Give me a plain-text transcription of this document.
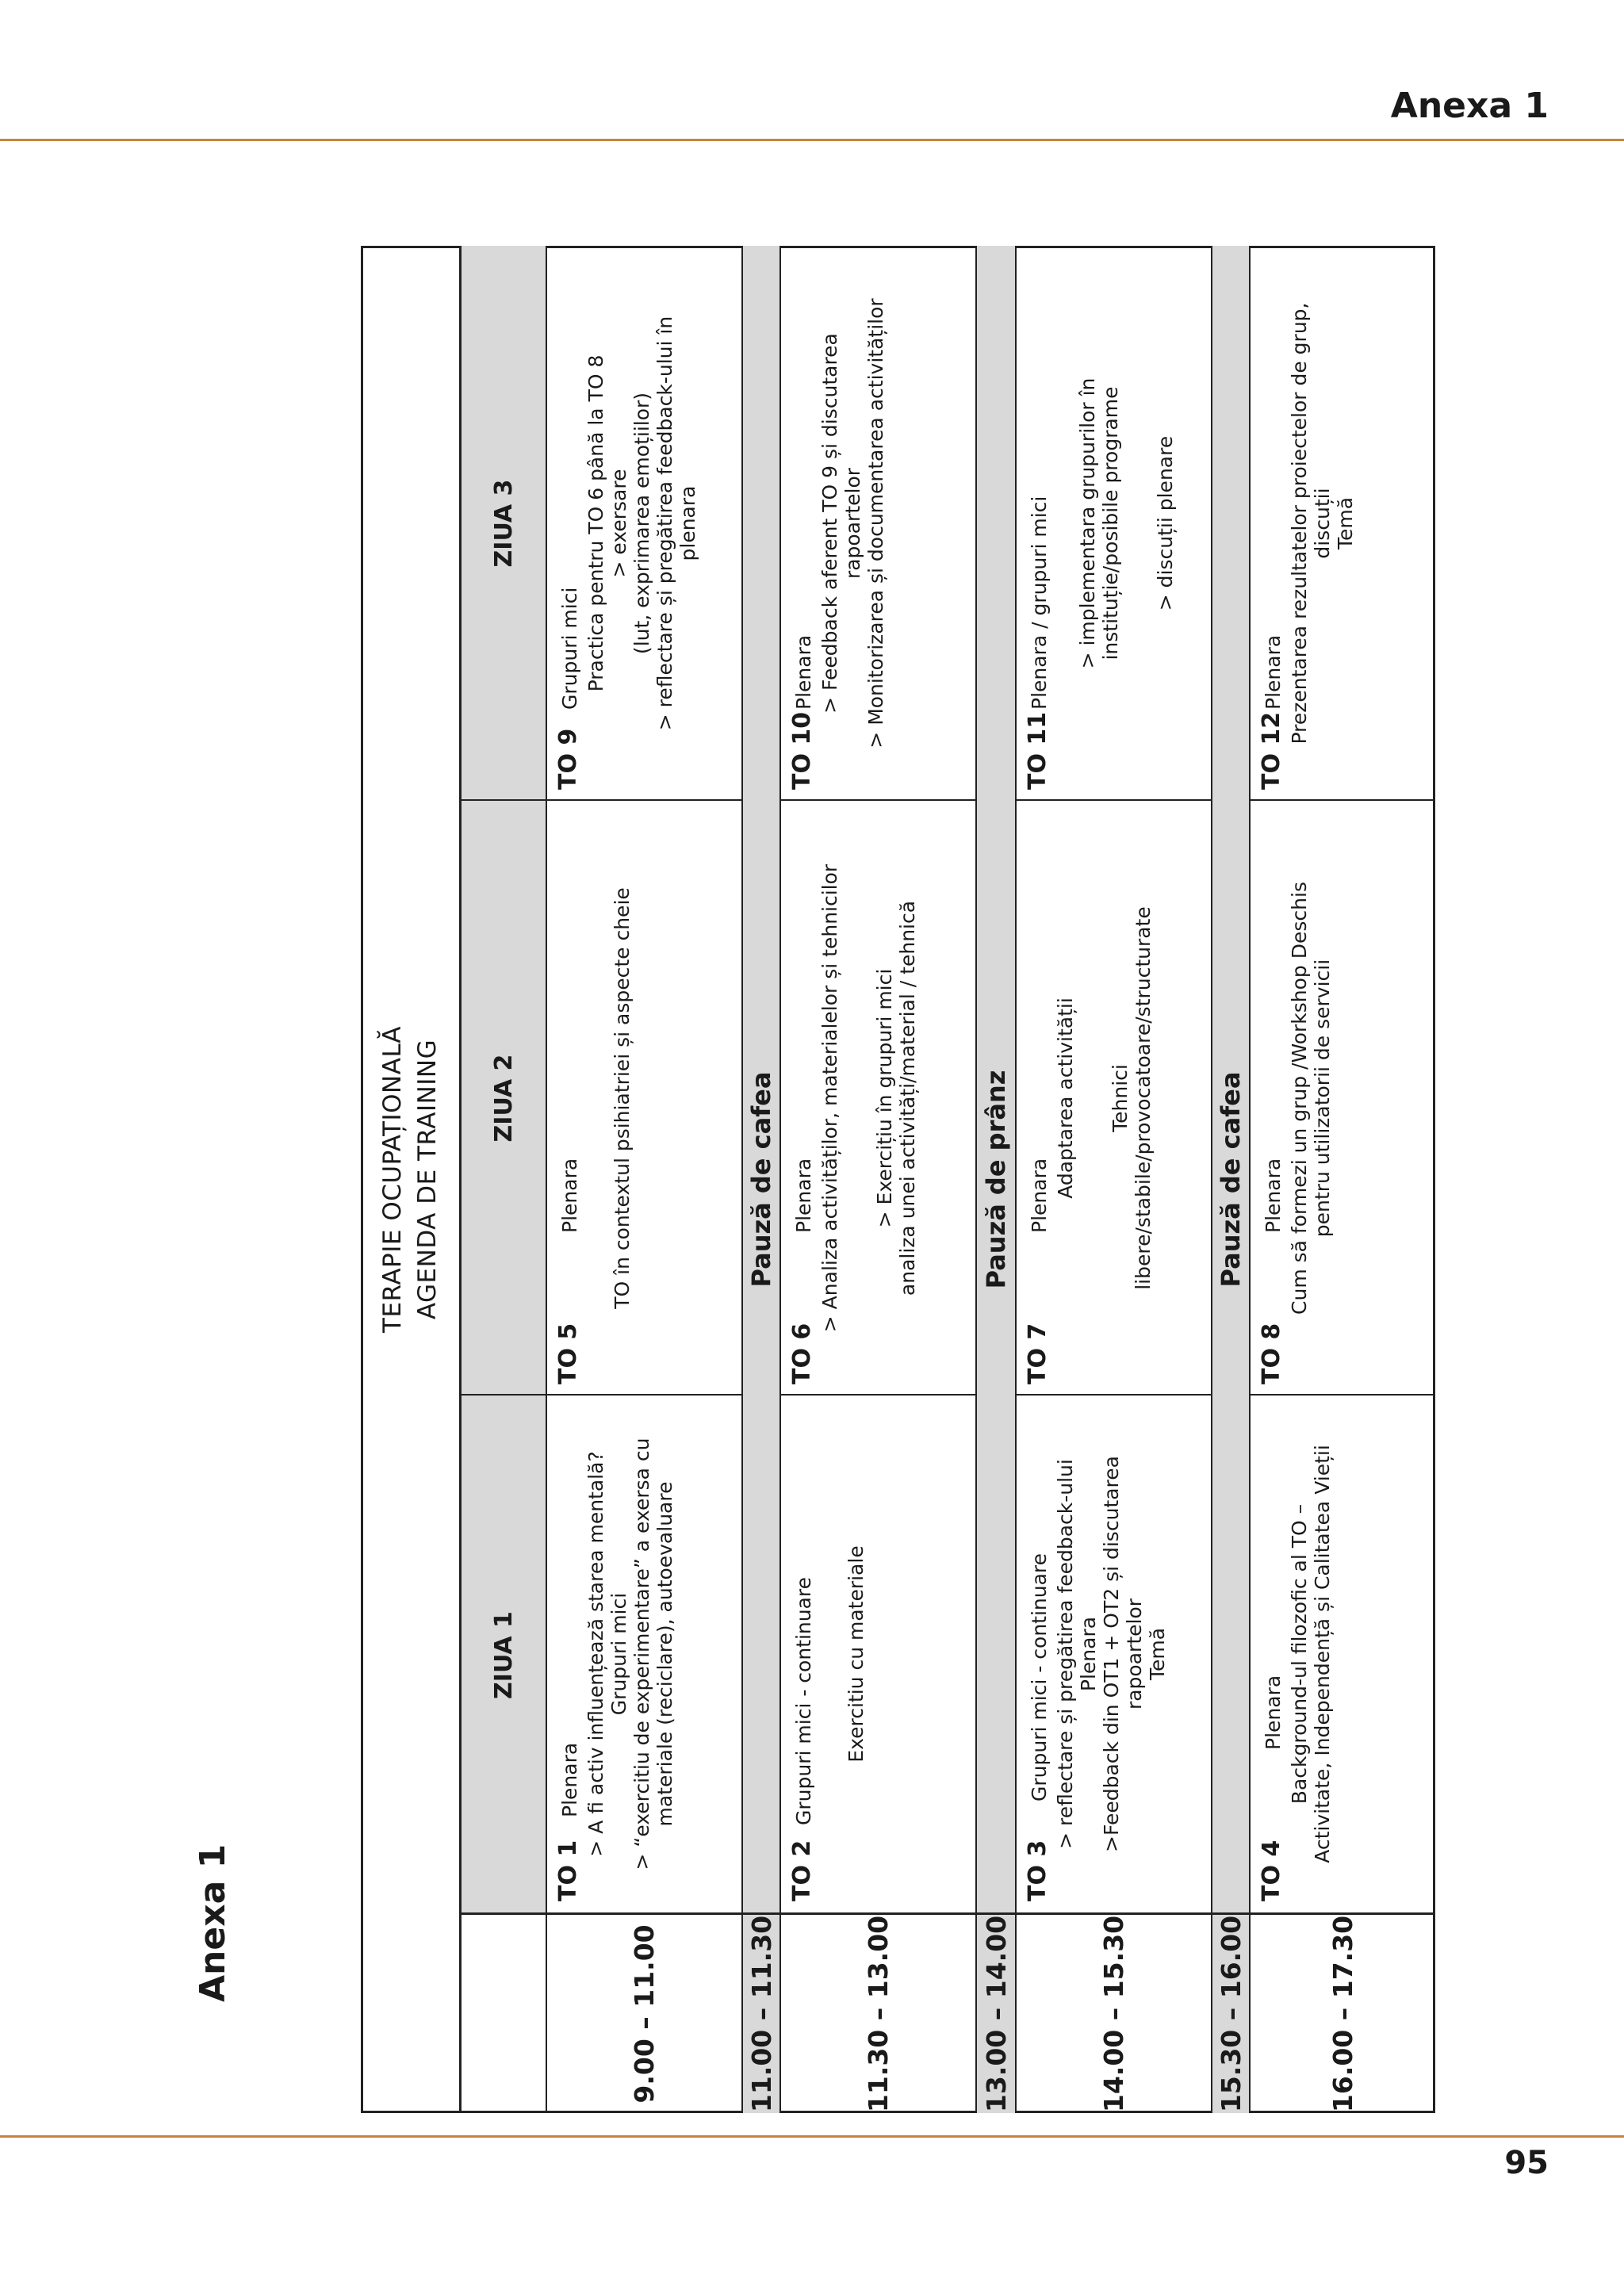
Anexa 1
Anexa 1
95
TERAPIE OCUPAȚIONALĂ AGENDA DE TRAINING
ZIUA 1
ZIUA 2
ZIUA 3
9.00 – 11.00
TO 1
Plenara > A fi activ influențează starea mentală? Grupuri mici > “exercitiu de experimentare” a exersa cu materiale (reciclare), autoevaluare
TO 5
Plenara TO în contextul psihiatriei și aspecte cheie
TO 9
Grupuri mici Practica pentru TO 6 până la TO 8 > exersare (lut, exprimarea emoțiilor) > reflectare și pregătirea feedback-ului în plenara
11.00 – 11.30
Pauză de cafea
11.30 – 13.00
TO 2
Grupuri mici - continuare Exercitiu cu materiale
TO 6
Plenara > Analiza activităților, materialelor și tehnicilor > Exercițiu în grupuri mici analiza unei activități/material / tehnică
TO 10
Plenara > Feedback aferent TO 9 și discutarea rapoartelor > Monitorizarea și documentarea activităților
13.00 – 14.00
Pauză de prânz
14.00 – 15.30
TO 3
Grupuri mici - continuare > reflectare și pregătirea feedback-ului Plenara >Feedback din OT1 + OT2 și discutarea rapoartelor Temă
TO 7
Plenara Adaptarea activității Tehnici libere/stabile/provocatoare/structurate
TO 11
Plenara / grupuri mici > implementara grupurilor în instituție/posibile programe > discuții plenare
15.30 – 16.00
Pauză de cafea
16.00 – 17.30
TO 4
Plenara Background-ul filozofic al TO – Activitate, Independență și Calitatea Vieții
TO 8
Plenara Cum să formezi un grup /Workshop Deschis pentru utilizatorii de servicii
TO 12
Plenara Prezentarea rezultatelor proiectelor de grup, discuții Temă
